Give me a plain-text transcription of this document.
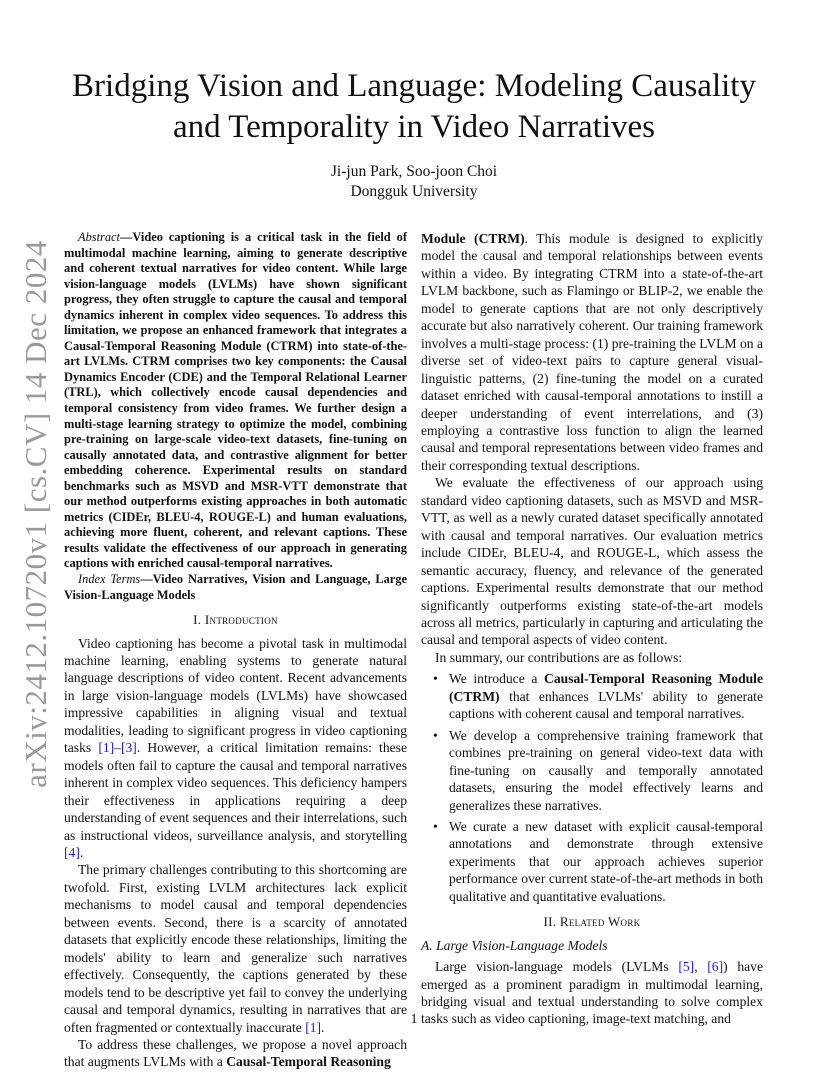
arXiv:2412.10720v1 [cs.CV] 14 Dec 2024
Bridging Vision and Language: Modeling Causality and Temporality in Video Narratives
Ji-jun Park, Soo-joon Choi
Dongguk University

Abstract—Video captioning is a critical task in the field of multimodal machine learning, aiming to generate descriptive and coherent textual narratives for video content. While large vision-language models (LVLMs) have shown significant progress, they often struggle to capture the causal and temporal dynamics inherent in complex video sequences. To address this limitation, we propose an enhanced framework that integrates a Causal-Temporal Reasoning Module (CTRM) into state-of-the-art LVLMs. CTRM comprises two key components: the Causal Dynamics Encoder (CDE) and the Temporal Relational Learner (TRL), which collectively encode causal dependencies and temporal consistency from video frames. We further design a multi-stage learning strategy to optimize the model, combining pre-training on large-scale video-text datasets, fine-tuning on causally annotated data, and contrastive alignment for better embedding coherence. Experimental results on standard benchmarks such as MSVD and MSR-VTT demonstrate that our method outperforms existing approaches in both automatic metrics (CIDEr, BLEU-4, ROUGE-L) and human evaluations, achieving more fluent, coherent, and relevant captions. These results validate the effectiveness of our approach in generating captions with enriched causal-temporal narratives.

Index Terms—Video Narratives, Vision and Language, Large Vision-Language Models

I. Introduction

Video captioning has become a pivotal task in multimodal machine learning, enabling systems to generate natural language descriptions of video content. Recent advancements in large vision-language models (LVLMs) have showcased impressive capabilities in aligning visual and textual modalities, leading to significant progress in video captioning tasks [1]–[3]. However, a critical limitation remains: these models often fail to capture the causal and temporal narratives inherent in complex video sequences. This deficiency hampers their effectiveness in applications requiring a deep understanding of event sequences and their interrelations, such as instructional videos, surveillance analysis, and storytelling [4].

The primary challenges contributing to this shortcoming are twofold. First, existing LVLM architectures lack explicit mechanisms to model causal and temporal dependencies between events. Second, there is a scarcity of annotated datasets that explicitly encode these relationships, limiting the models' ability to learn and generalize such narratives effectively. Consequently, the captions generated by these models tend to be descriptive yet fail to convey the underlying causal and temporal dynamics, resulting in narratives that are often fragmented or contextually inaccurate [1].

To address these challenges, we propose a novel approach that augments LVLMs with a Causal-Temporal Reasoning

Module (CTRM). This module is designed to explicitly model the causal and temporal relationships between events within a video. By integrating CTRM into a state-of-the-art LVLM backbone, such as Flamingo or BLIP-2, we enable the model to generate captions that are not only descriptively accurate but also narratively coherent. Our training framework involves a multi-stage process: (1) pre-training the LVLM on a diverse set of video-text pairs to capture general visual-linguistic patterns, (2) fine-tuning the model on a curated dataset enriched with causal-temporal annotations to instill a deeper understanding of event interrelations, and (3) employing a contrastive loss function to align the learned causal and temporal representations between video frames and their corresponding textual descriptions.

We evaluate the effectiveness of our approach using standard video captioning datasets, such as MSVD and MSR-VTT, as well as a newly curated dataset specifically annotated with causal and temporal narratives. Our evaluation metrics include CIDEr, BLEU-4, and ROUGE-L, which assess the semantic accuracy, fluency, and relevance of the generated captions. Experimental results demonstrate that our method significantly outperforms existing state-of-the-art models across all metrics, particularly in capturing and articulating the causal and temporal aspects of video content.

In summary, our contributions are as follows:

• We introduce a Causal-Temporal Reasoning Module (CTRM) that enhances LVLMs' ability to generate captions with coherent causal and temporal narratives.
• We develop a comprehensive training framework that combines pre-training on general video-text data with fine-tuning on causally and temporally annotated datasets, ensuring the model effectively learns and generalizes these narratives.
• We curate a new dataset with explicit causal-temporal annotations and demonstrate through extensive experiments that our approach achieves superior performance over current state-of-the-art methods in both qualitative and quantitative evaluations.

II. Related Work

A. Large Vision-Language Models

Large vision-language models (LVLMs [5], [6]) have emerged as a prominent paradigm in multimodal learning, bridging visual and textual understanding to solve complex tasks such as video captioning, image-text matching, and

1
